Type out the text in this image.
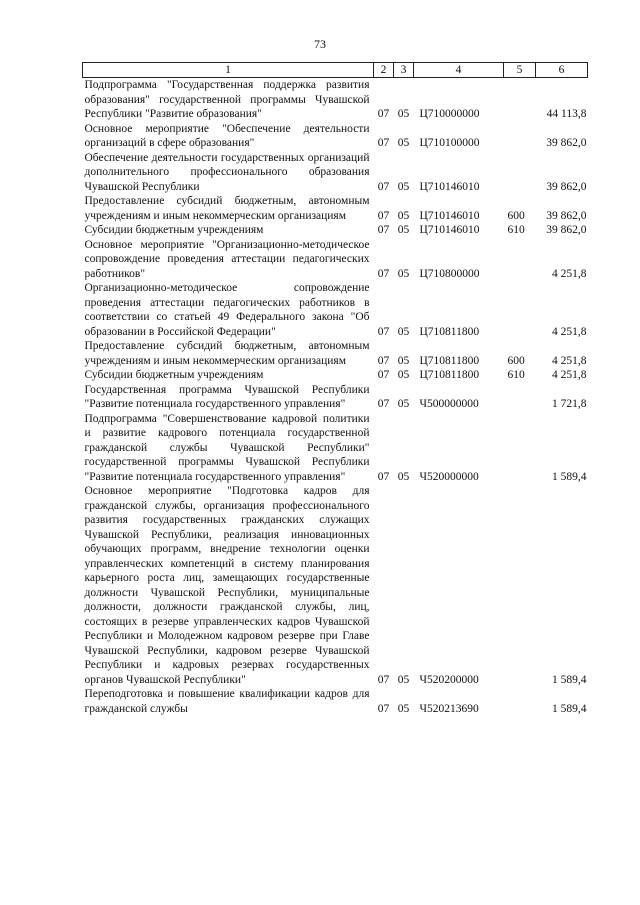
73
1	2	3	4	5	6
Подпрограмма "Государственная поддержка развития образования" государственной программы Чувашской Республики "Развитие образования"	07	05	Ц710000000		44 113,8
Основное мероприятие "Обеспечение деятельности организаций в сфере образования"	07	05	Ц710100000		39 862,0
Обеспечение деятельности государственных организаций дополнительного профессионального образования Чувашской Республики	07	05	Ц710146010		39 862,0
Предоставление субсидий бюджетным, автономным учреждениям и иным некоммерческим организациям	07	05	Ц710146010	600	39 862,0
Субсидии бюджетным учреждениям	07	05	Ц710146010	610	39 862,0
Основное мероприятие "Организационно-методическое сопровождение проведения аттестации педагогических работников"	07	05	Ц710800000		4 251,8
Организационно-методическое сопровождение проведения аттестации педагогических работников в соответствии со статьей 49 Федерального закона "Об образовании в Российской Федерации"	07	05	Ц710811800		4 251,8
Предоставление субсидий бюджетным, автономным учреждениям и иным некоммерческим организациям	07	05	Ц710811800	600	4 251,8
Субсидии бюджетным учреждениям	07	05	Ц710811800	610	4 251,8
Государственная программа Чувашской Республики "Развитие потенциала государственного управления"	07	05	Ч500000000		1 721,8
Подпрограмма "Совершенствование кадровой политики и развитие кадрового потенциала государственной гражданской службы Чувашской Республики" государственной программы Чувашской Республики "Развитие потенциала государственного управления"	07	05	Ч520000000		1 589,4
Основное мероприятие "Подготовка кадров для гражданской службы, организация профессионального развития государственных гражданских служащих Чувашской Республики, реализация инновационных обучающих программ, внедрение технологии оценки управленческих компетенций в систему планирования карьерного роста лиц, замещающих государственные должности Чувашской Республики, муниципальные должности, должности гражданской службы, лиц, состоящих в резерве управленческих кадров Чувашской Республики и Молодежном кадровом резерве при Главе Чувашской Республики, кадровом резерве Чувашской Республики и кадровых резервах государственных органов Чувашской Республики"	07	05	Ч520200000		1 589,4
Переподготовка и повышение квалификации кадров для гражданской службы	07	05	Ч520213690		1 589,4
